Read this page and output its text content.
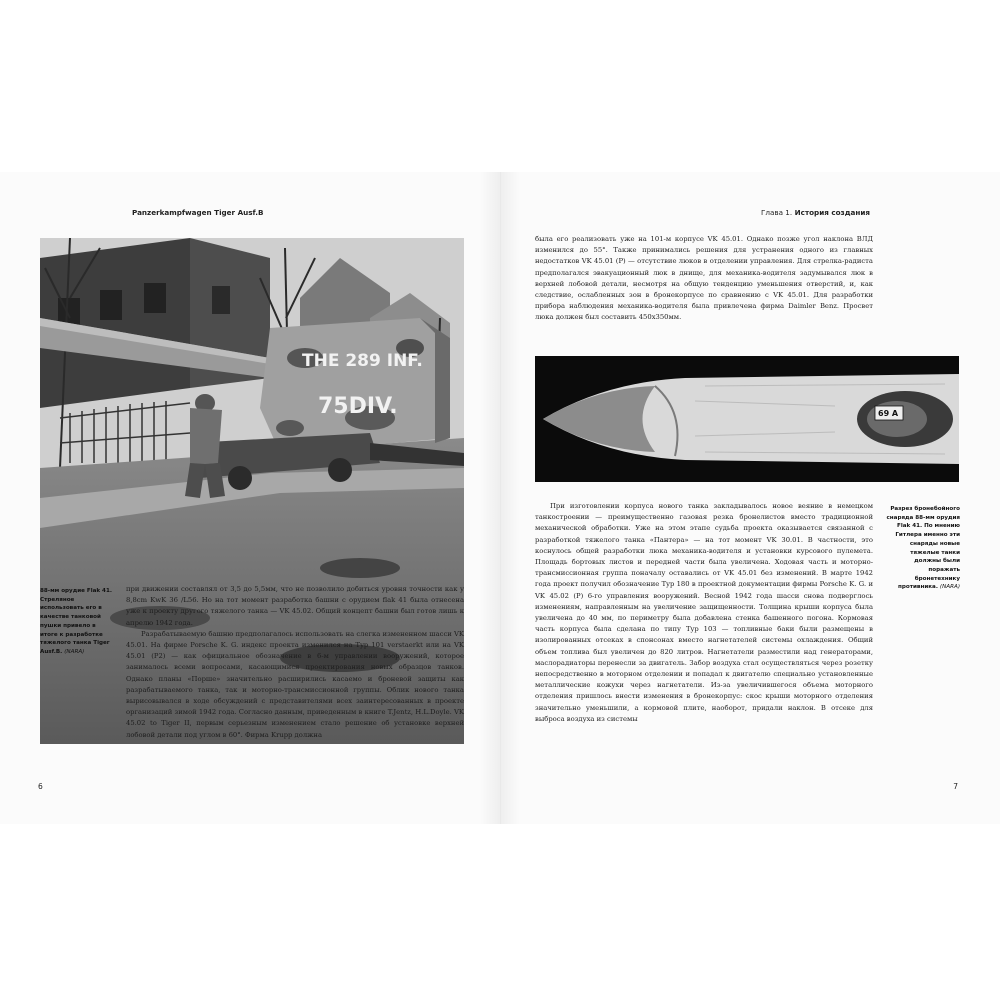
Panzerkampfwagen Tiger Ausf.B
THE 289 INF.
75DIV.
88-мм орудие Flak 41. Стреляное использовать его в качестве танковой пушки привело в итоге к разработке тяжелого танка Tiger Ausf.B. (NARA)

при движении составлял от 3,5 до 5,5мм, что не позволило добиться уровня точности как у 8,8cm KwK 36 /L56. Но на тот момент разработка башни с орудием flak 41 была отнесена уже к проекту другого тяжелого танка — VK 45.02. Общий концепт башни был готов лишь к апрелю 1942 года.

Разрабатываемую башню предполагалось использовать на слегка измененном шасси VK 45.01. На фирме Porsche K. G. индекс проекта изменился на Typ 101 verstaerkt или на VK 45.01 (P2) — как официальное обозначение в 6-м управлении вооружений, которое занималось всеми вопросами, касающимися проектирования новых образцов танков. Однако планы «Порше» значительно расширились касаемо и броневой защиты как разрабатываемого танка, так и моторно-трансмиссионной группы. Облик нового танка вырисовывался в ходе обсуждений с представителями всех заинтересованных в проекте организаций зимой 1942 года. Согласно данным, приведенным в книге T.Jentz, H.L.Doyle. VK 45.02 to Tiger II, первым серьезным изменением стало решение об установке верхней лобовой детали под углом в 60°. Фирма Krupp должна

6
Глава 1. История создания

была его реализовать уже на 101-м корпусе VK 45.01. Однако позже угол наклона ВЛД изменился до 55°. Также принимались решения для устранения одного из главных недостатков VK 45.01 (P) — отсутствие люков в отделении управления. Для стрелка-радиста предполагался эвакуационный люк в днище, для механика-водителя задумывался люк в верхней лобовой детали, несмотря на общую тенденцию уменьшения отверстий, и, как следствие, ослабленных зон в бронекорпусе по сравнению с VK 45.01. Для разработки прибора наблюдения механика-водителя была привлечена фирма Daimler Benz. Просвет люка должен был составить 450х350мм.

69 A
Разрез бронебойного снаряда 88-мм орудия Flak 41. По мнению Гитлера именно эти снаряды новые тяжелые танки должны были поражать бронетехнику противника. (NARA)

При изготовлении корпуса нового танка закладывалось новое веяние в немецком танкостроении — преимущественно газовая резка бронелистов вместо традиционной механической обработки. Уже на этом этапе судьба проекта оказывается связанной с разработкой тяжелого танка «Пантера» — на тот момент VK 30.01. В частности, это коснулось общей разработки люка механика-водителя и установки курсового пулемета. Площадь бортовых листов и передней части была увеличена. Ходовая часть и моторно-трансмиссионная группа поначалу оставались от VK 45.01 без изменений. В марте 1942 года проект получил обозначение Typ 180 в проектной документации фирмы Porsche K. G. и VK 45.02 (P) 6-го управления вооружений. Весной 1942 года шасси снова подверглось изменениям, направленным на увеличение защищенности. Толщина крыши корпуса была увеличена до 40 мм, по периметру была добавлена стенка башенного погона. Кормовая часть корпуса была сделана по типу Typ 103 — топливные баки были размещены в изолированных отсеках в спонсонах вместо нагнетателей системы охлаждения. Общий объем топлива был увеличен до 820 литров. Нагнетатели разместили над генераторами, маслорадиаторы перенесли за двигатель. Забор воздуха стал осуществляться через розетку непосредственно в моторном отделении и попадал к двигателю специально установленные металлические кожухи через нагнетатели. Из-за увеличившегося объема моторного отделения пришлось внести изменения в бронекорпус: скос крыши моторного отделения значительно уменьшили, а кормовой плите, наоборот, придали наклон. В отсеке для выброса воздуха из системы

7
